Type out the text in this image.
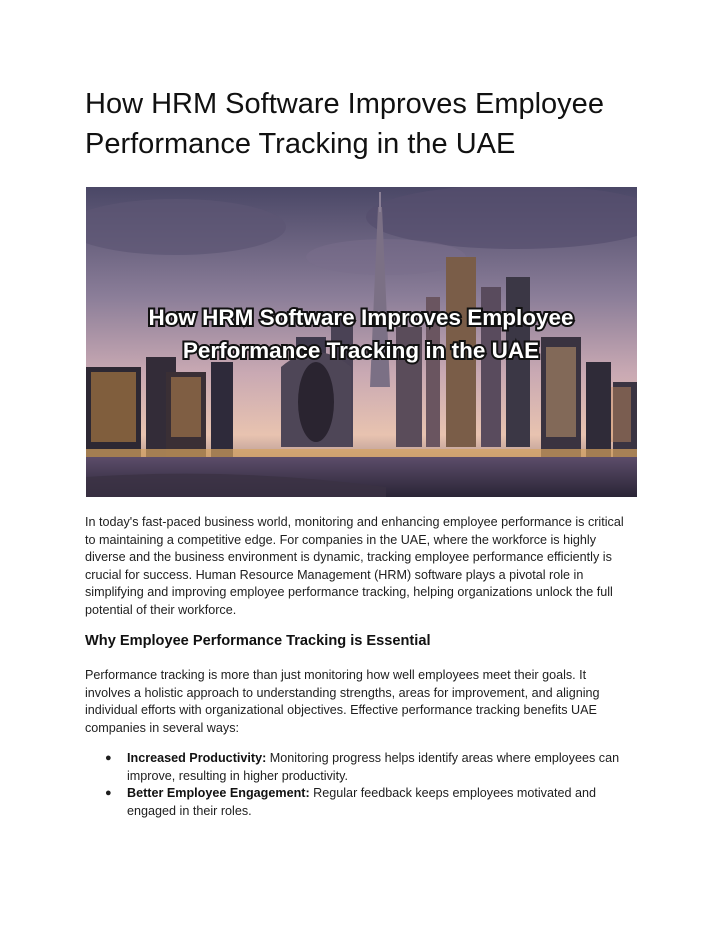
How HRM Software Improves Employee Performance Tracking in the UAE
How HRM Software Improves Employee
Performance Tracking in the UAE

In today's fast-paced business world, monitoring and enhancing employee performance is critical to maintaining a competitive edge. For companies in the UAE, where the workforce is highly diverse and the business environment is dynamic, tracking employee performance efficiently is crucial for success. Human Resource Management (HRM) software plays a pivotal role in simplifying and improving employee performance tracking, helping organizations unlock the full potential of their workforce.

Why Employee Performance Tracking is Essential

Performance tracking is more than just monitoring how well employees meet their goals. It involves a holistic approach to understanding strengths, areas for improvement, and aligning individual efforts with organizational objectives. Effective performance tracking benefits UAE companies in several ways:

● Increased Productivity: Monitoring progress helps identify areas where employees can improve, resulting in higher productivity.
● Better Employee Engagement: Regular feedback keeps employees motivated and engaged in their roles.
